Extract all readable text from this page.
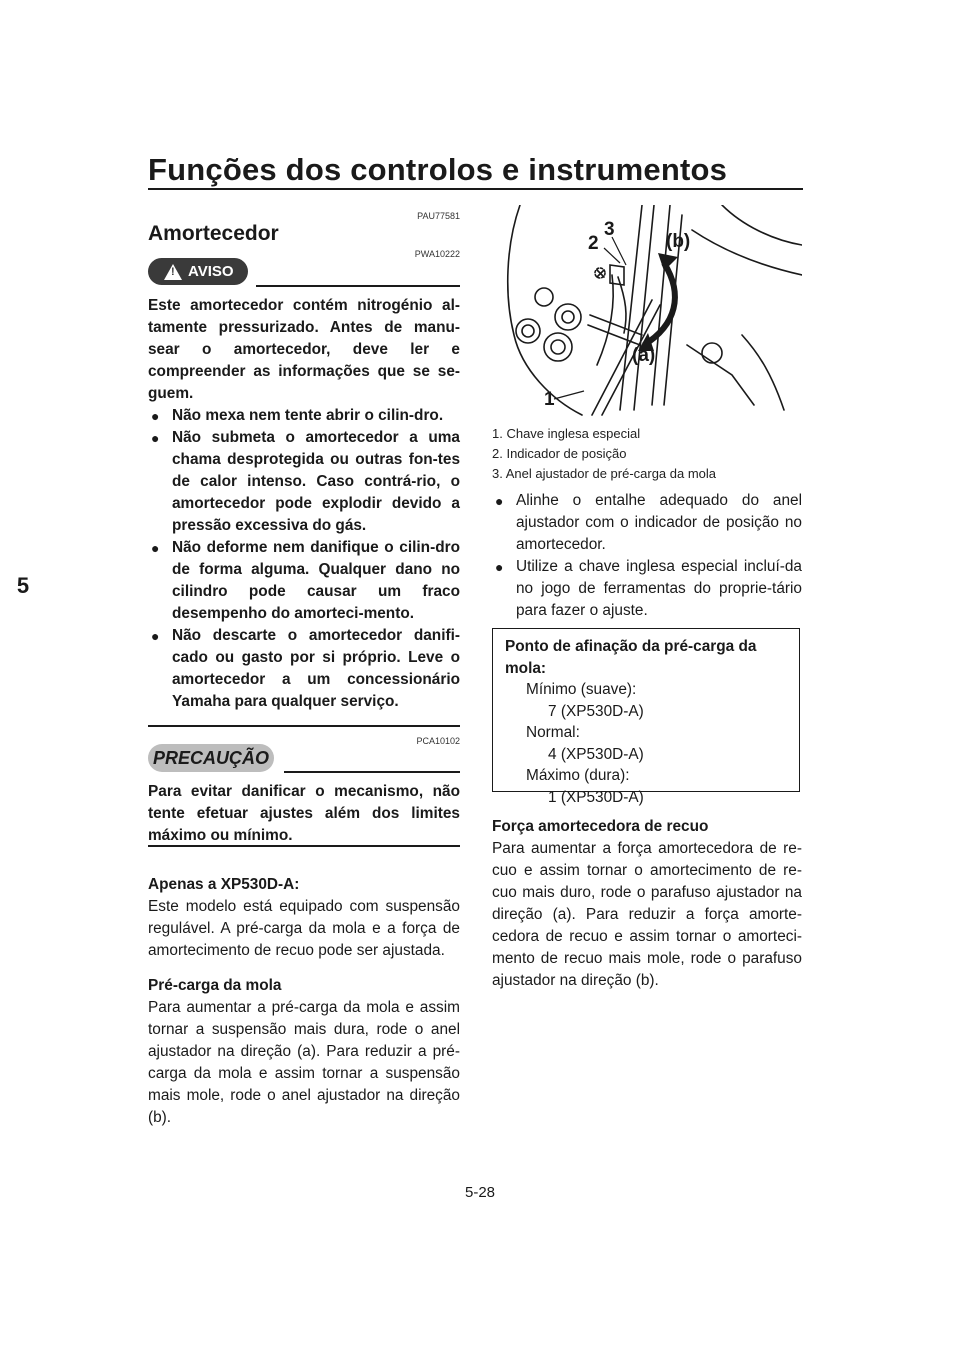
Funções dos controlos e instrumentos
5
PAU77581
Amortecedor
PWA10222
! AVISO
Este amortecedor contém nitrogénio al-tamente pressurizado. Antes de manu-sear o amortecedor, deve ler e compreender as informações que se se-guem.
● Não mexa nem tente abrir o cilin-dro.
● Não submeta o amortecedor a uma chama desprotegida ou outras fon-tes de calor intenso. Caso contrá-rio, o amortecedor pode explodir devido a pressão excessiva do gás.
● Não deforme nem danifique o cilin-dro de forma alguma. Qualquer dano no cilindro pode causar um fraco desempenho do amorteci-mento.
● Não descarte o amortecedor danifi-cado ou gasto por si próprio. Leve o amortecedor a um concessionário Yamaha para qualquer serviço.
PCA10102
PRECAUÇÃO
Para evitar danificar o mecanismo, não tente efetuar ajustes além dos limites máximo ou mínimo.
Apenas a XP530D-A:
Este modelo está equipado com suspensão regulável. A pré-carga da mola e a força de amortecimento de recuo pode ser ajustada.
Pré-carga da mola
Para aumentar a pré-carga da mola e assim tornar a suspensão mais dura, rode o anel ajustador na direção (a). Para reduzir a pré-carga da mola e assim tornar a suspensão mais mole, rode o anel ajustador na direção (b).
1
2
3
(b)
(a)
1. Chave inglesa especial
2. Indicador de posição
3. Anel ajustador de pré-carga da mola
● Alinhe o entalhe adequado do anel ajustador com o indicador de posição no amortecedor.
● Utilize a chave inglesa especial incluí-da no jogo de ferramentas do proprie-tário para fazer o ajuste.
Ponto de afinação da pré-carga da mola:
Mínimo (suave):
7 (XP530D-A)
Normal:
4 (XP530D-A)
Máximo (dura):
1 (XP530D-A)
Força amortecedora de recuo
Para aumentar a força amortecedora de re-cuo e assim tornar o amortecimento de re-cuo mais duro, rode o parafuso ajustador na direção (a). Para reduzir a força amorte-cedora de recuo e assim tornar o amorteci-mento de recuo mais mole, rode o parafuso ajustador na direção (b).
5-28
